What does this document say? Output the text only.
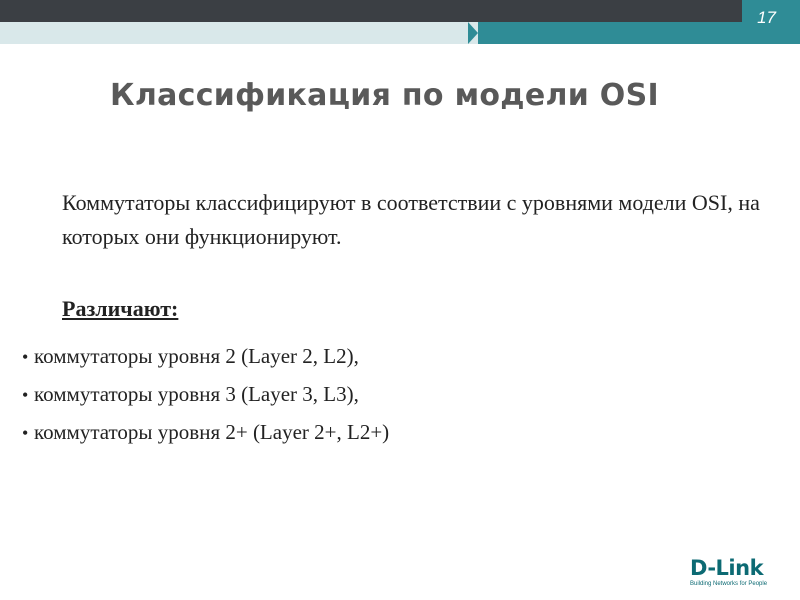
17
Классификация по модели OSI
Коммутаторы классифицируют в соответствии с уровнями модели OSI, на которых они функционируют.
Различают:
• коммутаторы уровня 2 (Layer 2, L2),
• коммутаторы уровня 3 (Layer 3, L3),
• коммутаторы уровня 2+ (Layer 2+, L2+)
D-Link
Building Networks for People
